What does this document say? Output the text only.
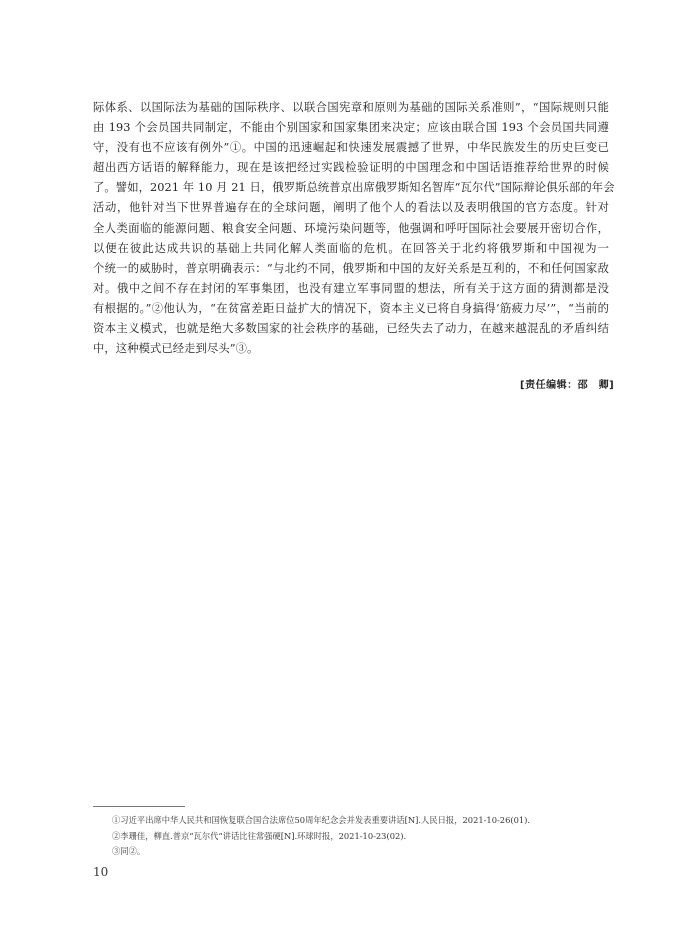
际体系、以国际法为基础的国际秩序、以联合国宪章和原则为基础的国际关系准则”，“国际规则只能
由 193 个会员国共同制定，不能由个别国家和国家集团来决定；应该由联合国 193 个会员国共同遵
守，没有也不应该有例外”①。中国的迅速崛起和快速发展震撼了世界，中华民族发生的历史巨变已
超出西方话语的解释能力，现在是该把经过实践检验证明的中国理念和中国话语推荐给世界的时候
了。譬如，2021 年 10 月 21 日，俄罗斯总统普京出席俄罗斯知名智库“瓦尔代”国际辩论俱乐部的年会
活动，他针对当下世界普遍存在的全球问题，阐明了他个人的看法以及表明俄国的官方态度。针对
全人类面临的能源问题、粮食安全问题、环境污染问题等，他强调和呼吁国际社会要展开密切合作，
以便在彼此达成共识的基础上共同化解人类面临的危机。在回答关于北约将俄罗斯和中国视为一
个统一的威胁时，普京明确表示：“与北约不同，俄罗斯和中国的友好关系是互利的，不和任何国家敌
对。俄中之间不存在封闭的军事集团，也没有建立军事同盟的想法，所有关于这方面的猜测都是没
有根据的。”②他认为，“在贫富差距日益扩大的情况下，资本主义已将自身搞得‘筋疲力尽’”，“当前的
资本主义模式，也就是绝大多数国家的社会秩序的基础，已经失去了动力，在越来越混乱的矛盾纠结
中，这种模式已经走到尽头”③。
[责任编辑：邵　卿]
①习近平出席中华人民共和国恢复联合国合法席位50周年纪念会并发表重要讲话[N].人民日报，2021-10-26(01).
②李珊佳，柳直.普京“瓦尔代”讲话比往常强硬[N].环球时报，2021-10-23(02).
③同②。
10
